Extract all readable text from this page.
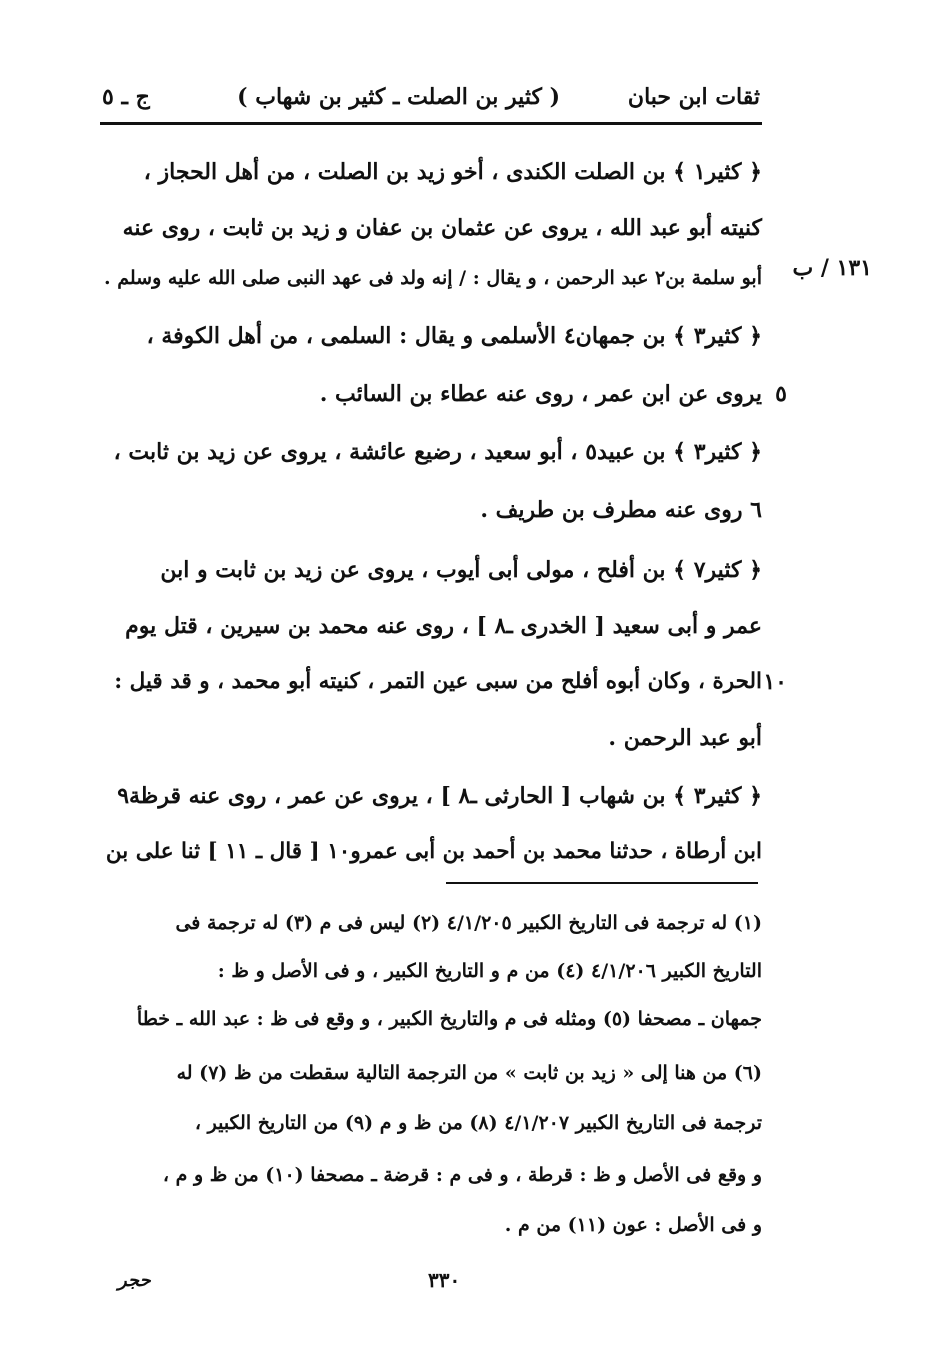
ثقات ابن حبان
( كثير بن الصلت ـ كثير بن شهاب )
ج ـ ٥
١٣١ / ب
٥
١٠
﴿ كثير١ ﴾ بن الصلت الكندى ، أخو زيد بن الصلت ، من أهل الحجاز ،
كنيته أبو عبد الله ، يروى عن عثمان بن عفان و زيد بن ثابت ، روى عنه
أبو سلمة بن٢ عبد الرحمن ، و يقال : / إنه ولد فى عهد النبى صلى الله عليه وسلم .
﴿ كثير٣ ﴾ بن جمهان٤ الأسلمى و يقال : السلمى ، من أهل الكوفة ،
يروى عن ابن عمر ، روى عنه عطاء بن السائب .
﴿ كثير٣ ﴾ بن عبيد٥ ، أبو سعيد ، رضيع عائشة ، يروى عن زيد بن ثابت ،
٦ روى عنه مطرف بن طريف .
﴿ كثير٧ ﴾ بن أفلح ، مولى أبى أيوب ، يروى عن زيد بن ثابت و ابن
عمر و أبى سعيد [ الخدرى ـ٨ ] ، روى عنه محمد بن سيرين ، قتل يوم
الحرة ، وكان أبوه أفلح من سبى عين التمر ، كنيته أبو محمد ، و قد قيل :
أبو عبد الرحمن .
﴿ كثير٣ ﴾ بن شهاب [ الحارثى ـ٨ ] ، يروى عن عمر ، روى عنه قرظة٩
ابن أرطاة ، حدثنا محمد بن أحمد بن أبى عمرو١٠ [ قال ـ ١١ ] ثنا على بن
(١) له ترجمة فى التاريخ الكبير ٤/١/٢٠٥ (٢) ليس فى م (٣) له ترجمة فى
التاريخ الكبير ٤/١/٢٠٦ (٤) من م و التاريخ الكبير ، و فى الأصل و ظ :
جمهان ـ مصحفا (٥) ومثله فى م والتاريخ الكبير ، و وقع فى ظ : عبد الله ـ خطأ
(٦) من هنا إلى « زيد بن ثابت » من الترجمة التالية سقطت من ظ (٧) له
ترجمة فى التاريخ الكبير ٤/١/٢٠٧ (٨) من ظ و م (٩) من التاريخ الكبير ،
و وقع فى الأصل و ظ : قرطة ، و فى م : قرضة ـ مصحفا (١٠) من ظ و م ،
و فى الأصل : عون (١١) من م .
٣٣٠
حجر
